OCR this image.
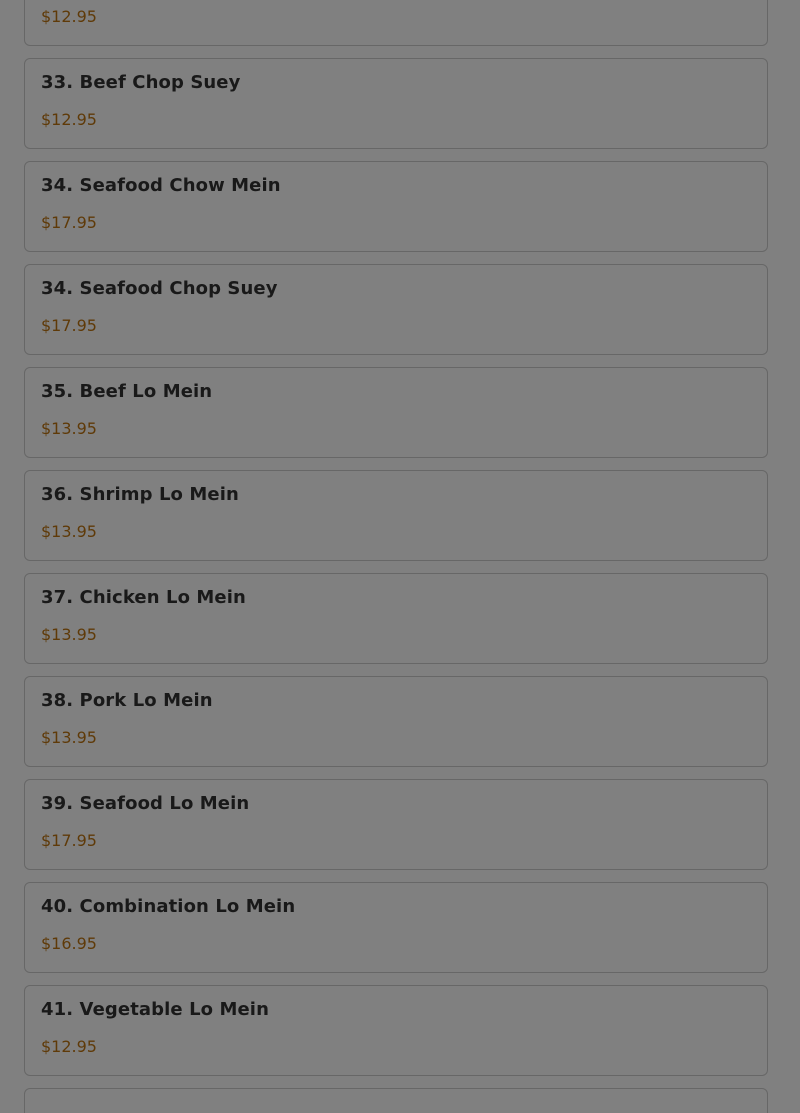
$12.95
33. Beef Chop Suey
$12.95
34. Seafood Chow Mein
$17.95
34. Seafood Chop Suey
$17.95
35. Beef Lo Mein
$13.95
36. Shrimp Lo Mein
$13.95
37. Chicken Lo Mein
$13.95
38. Pork Lo Mein
$13.95
39. Seafood Lo Mein
$17.95
40. Combination Lo Mein
$16.95
41. Vegetable Lo Mein
$12.95
